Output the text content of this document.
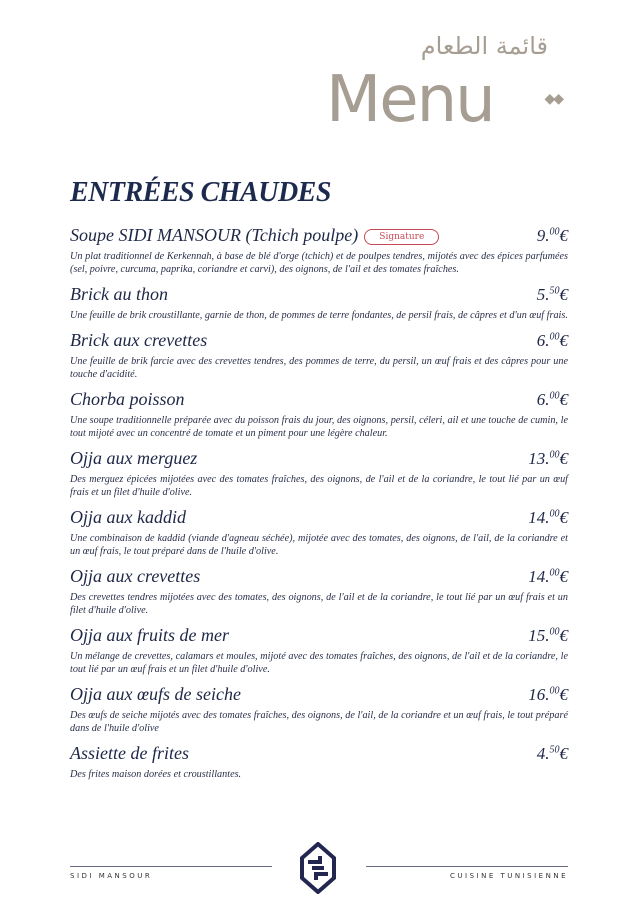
قائمة الطعام
Menu	◆◆
ENTRÉES CHAUDES
Soupe SIDI MANSOUR (Tchich poulpe) Signature	9.00€
Un plat traditionnel de Kerkennah, à base de blé d'orge (tchich) et de poulpes tendres, mijotés avec des épices parfumées (sel, poivre, curcuma, paprika, coriandre et carvi), des oignons, de l'ail et des tomates fraîches.
Brick au thon	5.50€
Une feuille de brik croustillante, garnie de thon, de pommes de terre fondantes, de persil frais, de câpres et d'un œuf frais.
Brick aux crevettes	6.00€
Une feuille de brik farcie avec des crevettes tendres, des pommes de terre, du persil, un œuf frais et des câpres pour une touche d'acidité.
Chorba poisson	6.00€
Une soupe traditionnelle préparée avec du poisson frais du jour, des oignons, persil, céleri, ail et une touche de cumin, le tout mijoté avec un concentré de tomate et un piment pour une légère chaleur.
Ojja aux merguez	13.00€
Des merguez épicées mijotées avec des tomates fraîches, des oignons, de l'ail et de la coriandre, le tout lié par un œuf frais et un filet d'huile d'olive.
Ojja aux kaddid	14.00€
Une combinaison de kaddid (viande d'agneau séchée), mijotée avec des tomates, des oignons, de l'ail, de la coriandre et un œuf frais, le tout préparé dans de l'huile d'olive.
Ojja aux crevettes	14.00€
Des crevettes tendres mijotées avec des tomates, des oignons, de l'ail et de la coriandre, le tout lié par un œuf frais et un filet d'huile d'olive.
Ojja aux fruits de mer	15.00€
Un mélange de crevettes, calamars et moules, mijoté avec des tomates fraîches, des oignons, de l'ail et de la coriandre, le tout lié par un œuf frais et un filet d'huile d'olive.
Ojja aux œufs de seiche	16.00€
Des œufs de seiche mijotés avec des tomates fraîches, des oignons, de l'ail, de la coriandre et un œuf frais, le tout préparé dans de l'huile d'olive
Assiette de frites	4.50€
Des frites maison dorées et croustillantes.
SIDI MANSOUR	CUISINE TUNISIENNE
